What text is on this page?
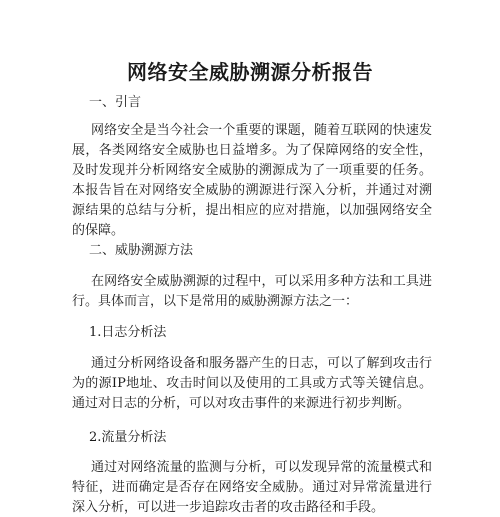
网络安全威胁溯源分析报告
一、引言
网络安全是当今社会一个重要的课题，随着互联网的快速发展，各类网络安全威胁也日益增多。为了保障网络的安全性，及时发现并分析网络安全威胁的溯源成为了一项重要的任务。本报告旨在对网络安全威胁的溯源进行深入分析，并通过对溯源结果的总结与分析，提出相应的应对措施，以加强网络安全的保障。
二、威胁溯源方法
在网络安全威胁溯源的过程中，可以采用多种方法和工具进行。具体而言，以下是常用的威胁溯源方法之一：
1.日志分析法
通过分析网络设备和服务器产生的日志，可以了解到攻击行为的源IP地址、攻击时间以及使用的工具或方式等关键信息。通过对日志的分析，可以对攻击事件的来源进行初步判断。
2.流量分析法
通过对网络流量的监测与分析，可以发现异常的流量模式和特征，进而确定是否存在网络安全威胁。通过对异常流量进行深入分析，可以进一步追踪攻击者的攻击路径和手段。
